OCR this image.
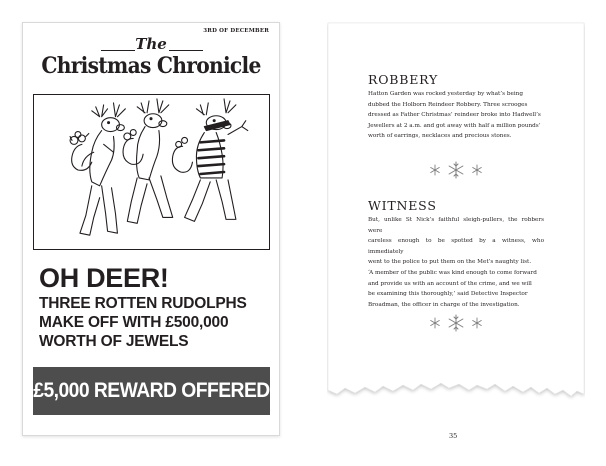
3RD OF DECEMBER
The
Christmas Chronicle
OH DEER!
THREE ROTTEN RUDOLPHS
MAKE OFF WITH £500,000
WORTH OF JEWELS
£5,000 REWARD OFFERED
ROBBERY
Hatton Garden was rocked yesterday by what’s being
dubbed the Holborn Reindeer Robbery. Three scrooges
dressed as Father Christmas’ reindeer broke into Hadwell’s
Jewellers at 2 a.m. and got away with half a million pounds’
worth of earrings, necklaces and precious stones.
WITNESS
But, unlike St Nick’s faithful sleigh-pullers, the robbers were
careless enough to be spotted by a witness, who immediately
went to the police to put them on the Met’s naughty list.
‘A member of the public was kind enough to come forward
and provide us with an account of the crime, and we will
be examining this thoroughly,’ said Detective Inspector
Broadman, the officer in charge of the investigation.
35
